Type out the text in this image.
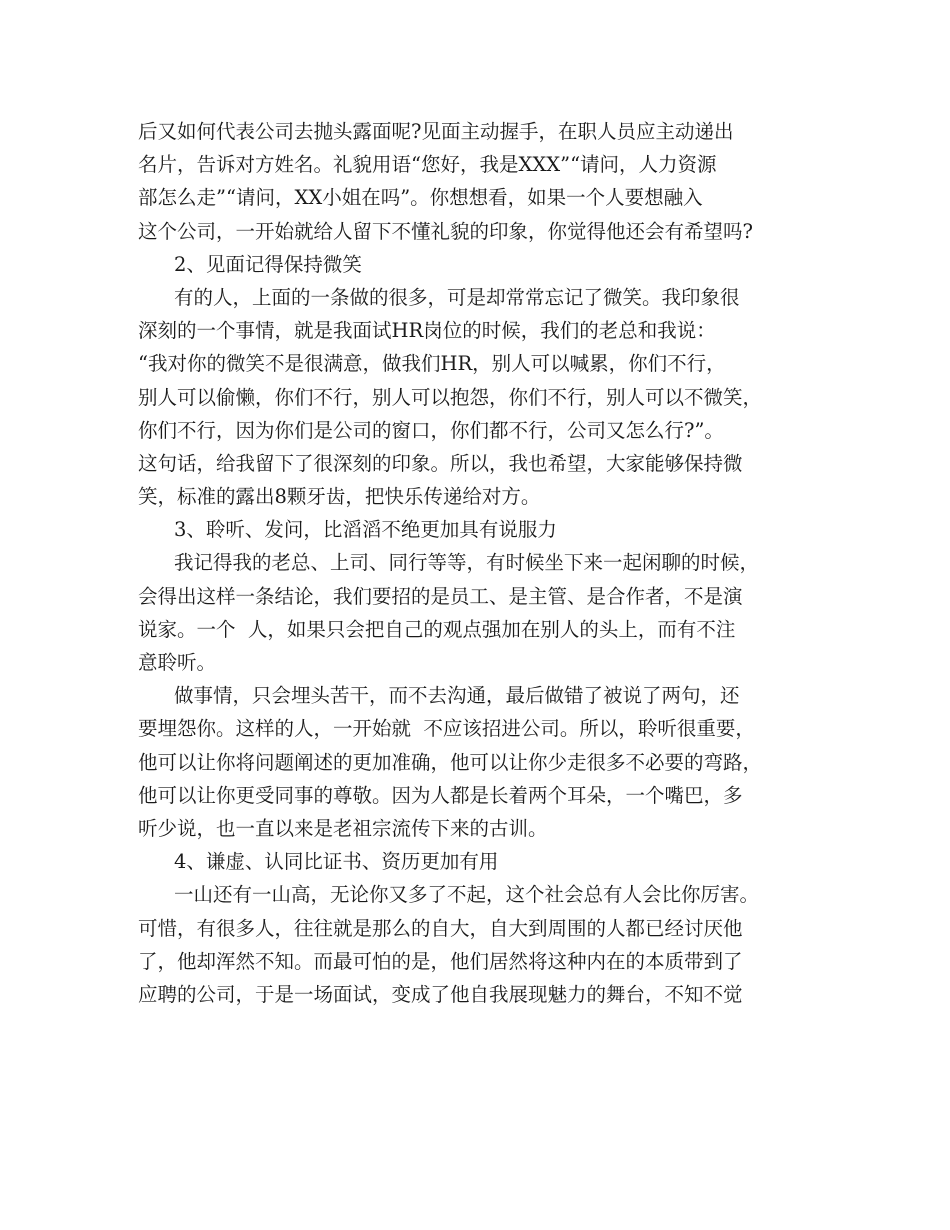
后又如何代表公司去抛头露面呢?见面主动握手，在职人员应主动递出
名片，告诉对方姓名。礼貌用语“您好，我是XXX”“请问，人力资源
部怎么走”“请问，XX小姐在吗”。你想想看，如果一个人要想融入
这个公司，一开始就给人留下不懂礼貌的印象，你觉得他还会有希望吗?
2、见面记得保持微笑
有的人，上面的一条做的很多，可是却常常忘记了微笑。我印象很
深刻的一个事情，就是我面试HR岗位的时候，我们的老总和我说：
“我对你的微笑不是很满意，做我们HR，别人可以喊累，你们不行，
别人可以偷懒，你们不行，别人可以抱怨，你们不行，别人可以不微笑，
你们不行，因为你们是公司的窗口，你们都不行，公司又怎么行?”。
这句话，给我留下了很深刻的印象。所以，我也希望，大家能够保持微
笑，标准的露出8颗牙齿，把快乐传递给对方。
3、聆听、发问，比滔滔不绝更加具有说服力
我记得我的老总、上司、同行等等，有时候坐下来一起闲聊的时候，
会得出这样一条结论，我们要招的是员工、是主管、是合作者，不是演
说家。一个  人，如果只会把自己的观点强加在别人的头上，而有不注
意聆听。
做事情，只会埋头苦干，而不去沟通，最后做错了被说了两句，还
要埋怨你。这样的人，一开始就  不应该招进公司。所以，聆听很重要，
他可以让你将问题阐述的更加准确，他可以让你少走很多不必要的弯路，
他可以让你更受同事的尊敬。因为人都是长着两个耳朵，一个嘴巴，多
听少说，也一直以来是老祖宗流传下来的古训。
4、谦虚、认同比证书、资历更加有用
一山还有一山高，无论你又多了不起，这个社会总有人会比你厉害。
可惜，有很多人，往往就是那么的自大，自大到周围的人都已经讨厌他
了，他却浑然不知。而最可怕的是，他们居然将这种内在的本质带到了
应聘的公司，于是一场面试，变成了他自我展现魅力的舞台，不知不觉
